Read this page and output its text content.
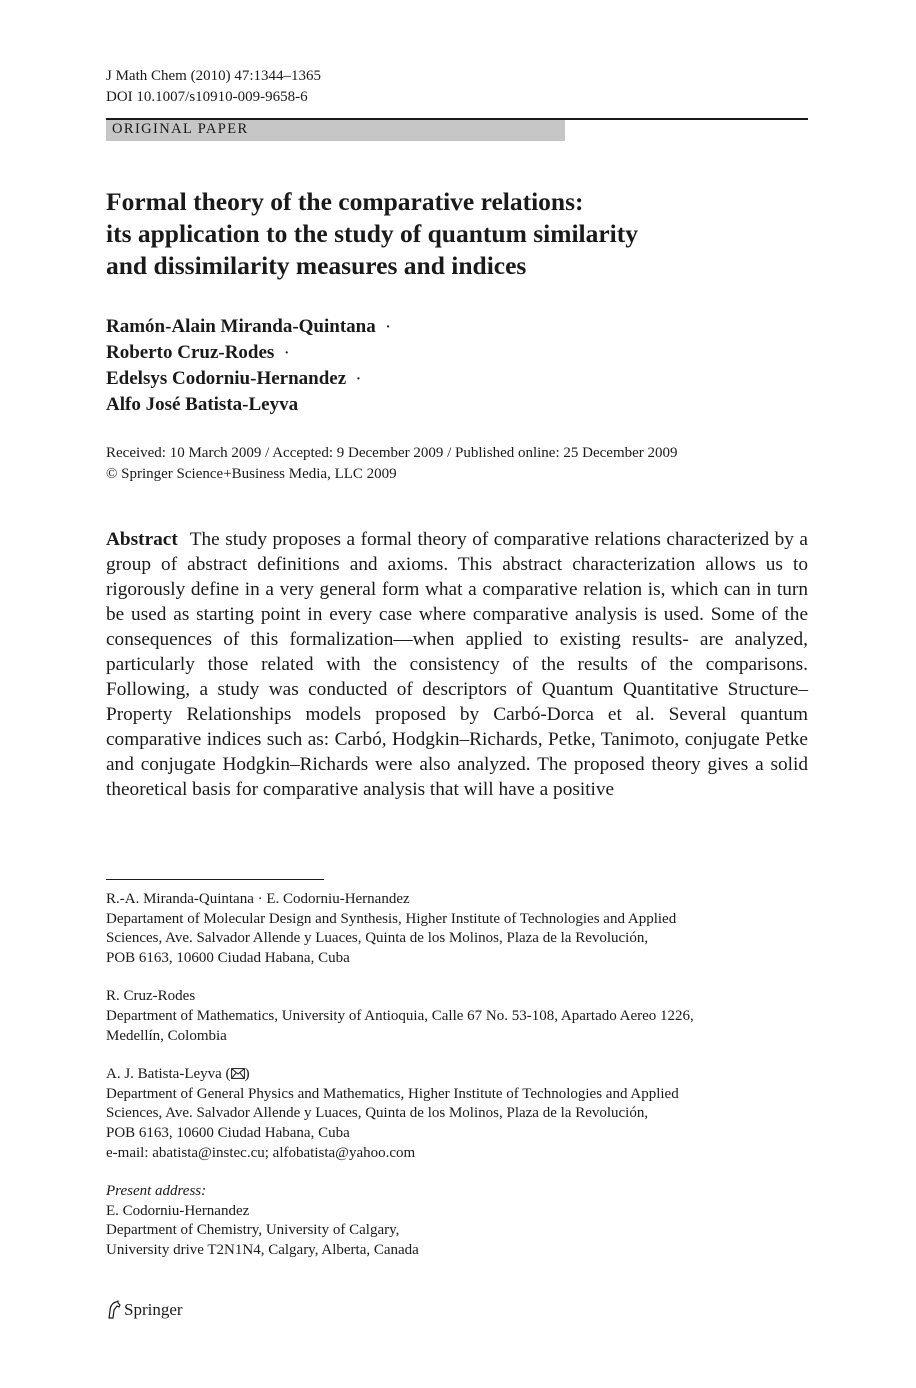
J Math Chem (2010) 47:1344–1365
DOI 10.1007/s10910-009-9658-6
ORIGINAL PAPER
Formal theory of the comparative relations:
its application to the study of quantum similarity
and dissimilarity measures and indices
Ramón-Alain Miranda-Quintana ·
Roberto Cruz-Rodes ·
Edelsys Codorniu-Hernandez ·
Alfo José Batista-Leyva
Received: 10 March 2009 / Accepted: 9 December 2009 / Published online: 25 December 2009
© Springer Science+Business Media, LLC 2009
Abstract The study proposes a formal theory of comparative relations characterized by a group of abstract definitions and axioms. This abstract characterization allows us to rigorously define in a very general form what a comparative relation is, which can in turn be used as starting point in every case where comparative analysis is used. Some of the consequences of this formalization—when applied to existing results- are analyzed, particularly those related with the consistency of the results of the comparisons. Following, a study was conducted of descriptors of Quantum Quantitative Structure–Property Relationships models proposed by Carbó-Dorca et al. Several quantum comparative indices such as: Carbó, Hodgkin–Richards, Petke, Tanimoto, conjugate Petke and conjugate Hodgkin–Richards were also analyzed. The proposed theory gives a solid theoretical basis for comparative analysis that will have a positive
R.-A. Miranda-Quintana · E. Codorniu-Hernandez
Departament of Molecular Design and Synthesis, Higher Institute of Technologies and Applied
Sciences, Ave. Salvador Allende y Luaces, Quinta de los Molinos, Plaza de la Revolución,
POB 6163, 10600 Ciudad Habana, Cuba
R. Cruz-Rodes
Department of Mathematics, University of Antioquia, Calle 67 No. 53-108, Apartado Aereo 1226,
Medellín, Colombia
A. J. Batista-Leyva ( )
Department of General Physics and Mathematics, Higher Institute of Technologies and Applied
Sciences, Ave. Salvador Allende y Luaces, Quinta de los Molinos, Plaza de la Revolución,
POB 6163, 10600 Ciudad Habana, Cuba
e-mail: abatista@instec.cu; alfobatista@yahoo.com
Present address:
E. Codorniu-Hernandez
Department of Chemistry, University of Calgary,
University drive T2N1N4, Calgary, Alberta, Canada
Springer
